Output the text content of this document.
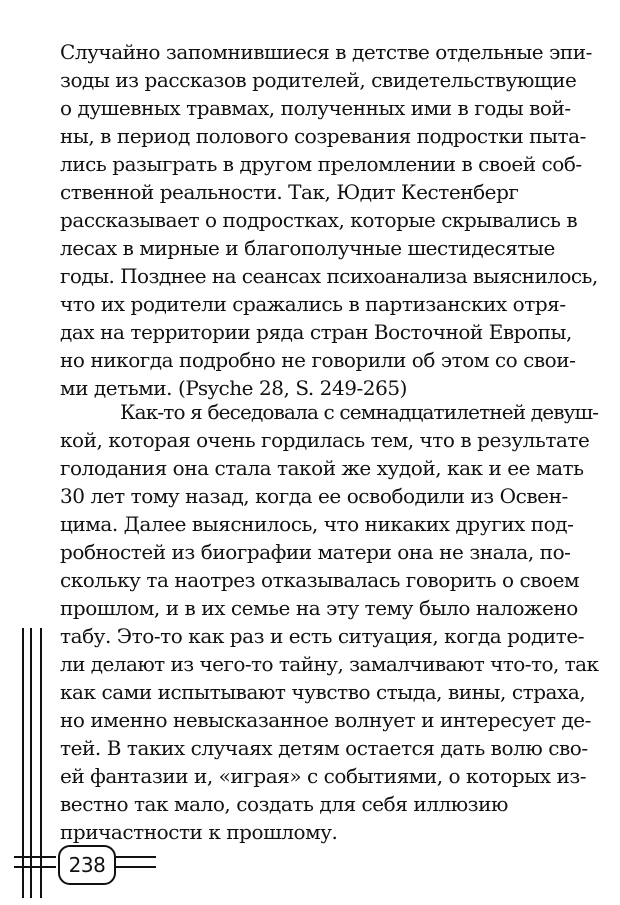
Случайно запомнившиеся в детстве отдельные эпи-
зоды из рассказов родителей, свидетельствующие
о душевных травмах, полученных ими в годы вой-
ны, в период полового созревания подростки пыта-
лись разыграть в другом преломлении в своей соб-
ственной реальности. Так, Юдит Кестенберг
рассказывает о подростках, которые скрывались в
лесах в мирные и благополучные шестидесятые
годы. Позднее на сеансах психоанализа выяснилось,
что их родители сражались в партизанских отря-
дах на территории ряда стран Восточной Европы,
но никогда подробно не говорили об этом со свои-
ми детьми. (Psyche 28, S. 249-265)
Как-то я беседовала с семнадцатилетней девуш-
кой, которая очень гордилась тем, что в результате
голодания она стала такой же худой, как и ее мать
30 лет тому назад, когда ее освободили из Освен-
цима. Далее выяснилось, что никаких других под-
робностей из биографии матери она не знала, по-
скольку та наотрез отказывалась говорить о своем
прошлом, и в их семье на эту тему было наложено
табу. Это-то как раз и есть ситуация, когда родите-
ли делают из чего-то тайну, замалчивают что-то, так
как сами испытывают чувство стыда, вины, страха,
но именно невысказанное волнует и интересует де-
тей. В таких случаях детям остается дать волю сво-
ей фантазии и, «играя» с событиями, о которых из-
вестно так мало, создать для себя иллюзию
причастности к прошлому.
238
